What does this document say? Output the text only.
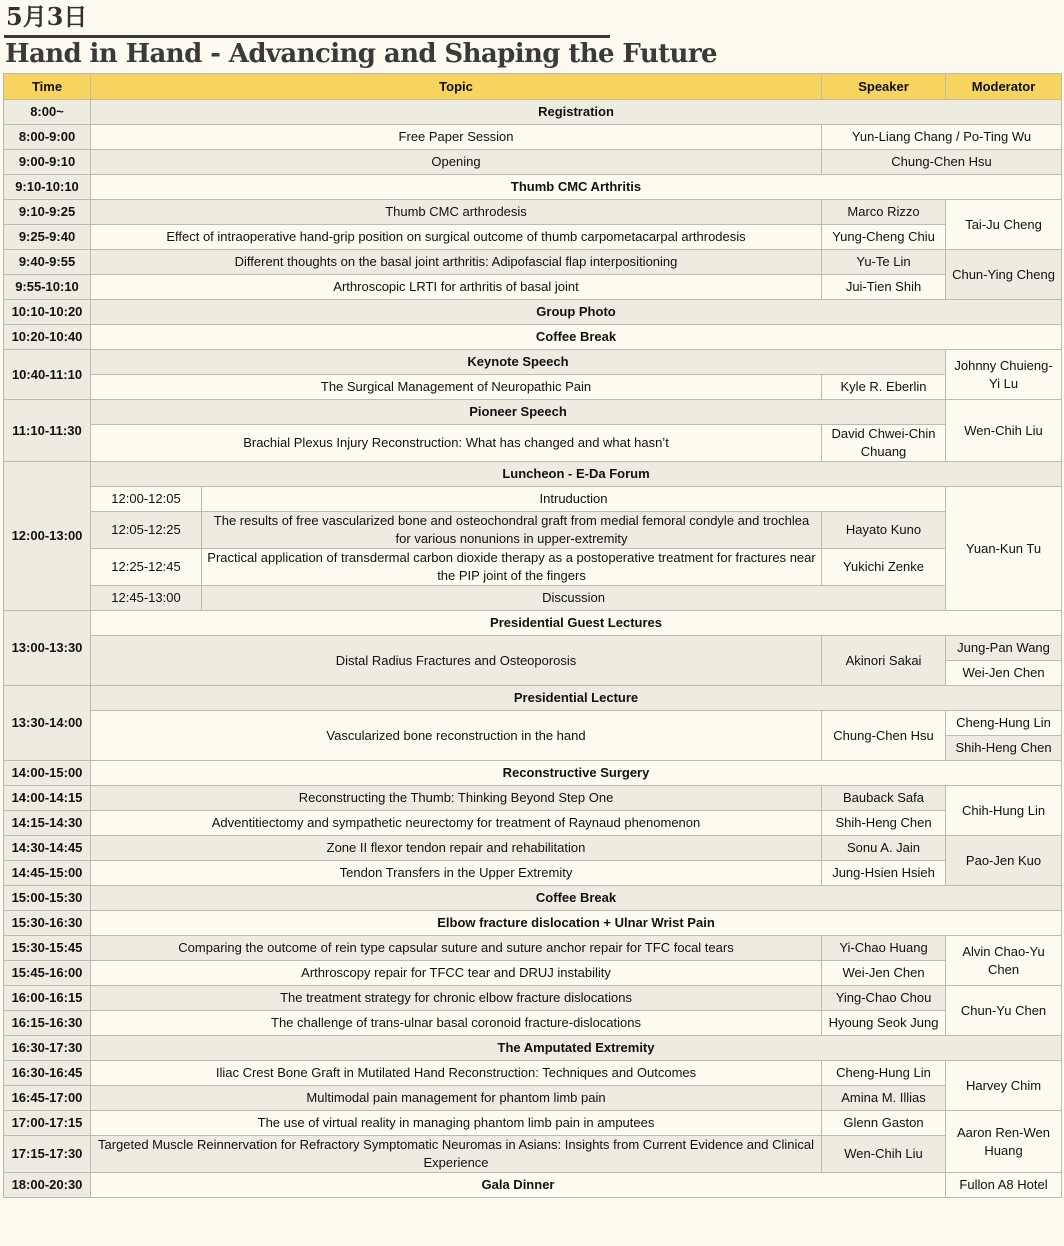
5月3日
Hand in Hand - Advancing and Shaping the Future
Time	Topic		Speaker	Moderator
8:00~	Registration			
8:00-9:00	Free Paper Session		Yun-Liang Chang / Po-Ting Wu	
9:00-9:10	Opening		Chung-Chen Hsu	
9:10-10:10	Thumb CMC Arthritis			
9:10-9:25	Thumb CMC arthrodesis		Marco Rizzo	Tai-Ju Cheng
9:25-9:40	Effect of intraoperative hand-grip position on surgical outcome of thumb carpometacarpal arthrodesis		Yung-Cheng Chiu	
9:40-9:55	Different thoughts on the basal joint arthritis: Adipofascial flap interpositioning		Yu-Te Lin	Chun-Ying Cheng
9:55-10:10	Arthroscopic LRTI for arthritis of basal joint		Jui-Tien Shih	
10:10-10:20	Group Photo			
10:20-10:40	Coffee Break			
10:40-11:10	Keynote Speech			Johnny Chuieng-Yi Lu
	The Surgical Management of Neuropathic Pain		Kyle R. Eberlin	
11:10-11:30	Pioneer Speech			Wen-Chih Liu
	Brachial Plexus Injury Reconstruction: What has changed and what hasn’t		David Chwei-Chin Chuang	
12:00-13:00	Luncheon - E-Da Forum			
	12:00-12:05	Intruduction		Yuan-Kun Tu
	12:05-12:25	The results of free vascularized bone and osteochondral graft from medial femoral condyle and trochlea for various nonunions in upper-extremity	Hayato Kuno	
	12:25-12:45	Practical application of transdermal carbon dioxide therapy as a postoperative treatment for fractures near the PIP joint of the fingers	Yukichi Zenke	
	12:45-13:00	Discussion		
13:00-13:30	Presidential Guest Lectures			
	Distal Radius Fractures and Osteoporosis		Akinori Sakai	Jung-Pan Wang
				Wei-Jen Chen
13:30-14:00	Presidential Lecture			
	Vascularized bone reconstruction in the hand		Chung-Chen Hsu	Cheng-Hung Lin
				Shih-Heng Chen
14:00-15:00	Reconstructive Surgery			
14:00-14:15	Reconstructing the Thumb: Thinking Beyond Step One		Bauback Safa	Chih-Hung Lin
14:15-14:30	Adventitiectomy and sympathetic neurectomy for treatment of Raynaud phenomenon		Shih-Heng Chen	
14:30-14:45	Zone II flexor tendon repair and rehabilitation		Sonu A. Jain	Pao-Jen Kuo
14:45-15:00	Tendon Transfers in the Upper Extremity		Jung-Hsien Hsieh	
15:00-15:30	Coffee Break			
15:30-16:30	Elbow fracture dislocation + Ulnar Wrist Pain			
15:30-15:45	Comparing the outcome of rein type capsular suture and suture anchor repair for TFC focal tears		Yi-Chao Huang	Alvin Chao-Yu Chen
15:45-16:00	Arthroscopy repair for TFCC tear and DRUJ instability		Wei-Jen Chen	
16:00-16:15	The treatment strategy for chronic elbow fracture dislocations		Ying-Chao Chou	Chun-Yu Chen
16:15-16:30	The challenge of trans-ulnar basal coronoid fracture-dislocations		Hyoung Seok Jung	
16:30-17:30	The Amputated Extremity			
16:30-16:45	Iliac Crest Bone Graft in Mutilated Hand Reconstruction: Techniques and Outcomes		Cheng-Hung Lin	Harvey Chim
16:45-17:00	Multimodal pain management for phantom limb pain		Amina M. Illias	
17:00-17:15	The use of virtual reality in managing phantom limb pain in amputees		Glenn Gaston	Aaron Ren-Wen Huang
17:15-17:30	Targeted Muscle Reinnervation for Refractory Symptomatic Neuromas in Asians: Insights from Current Evidence and Clinical Experience		Wen-Chih Liu	
18:00-20:30	Gala Dinner			Fullon A8 Hotel
